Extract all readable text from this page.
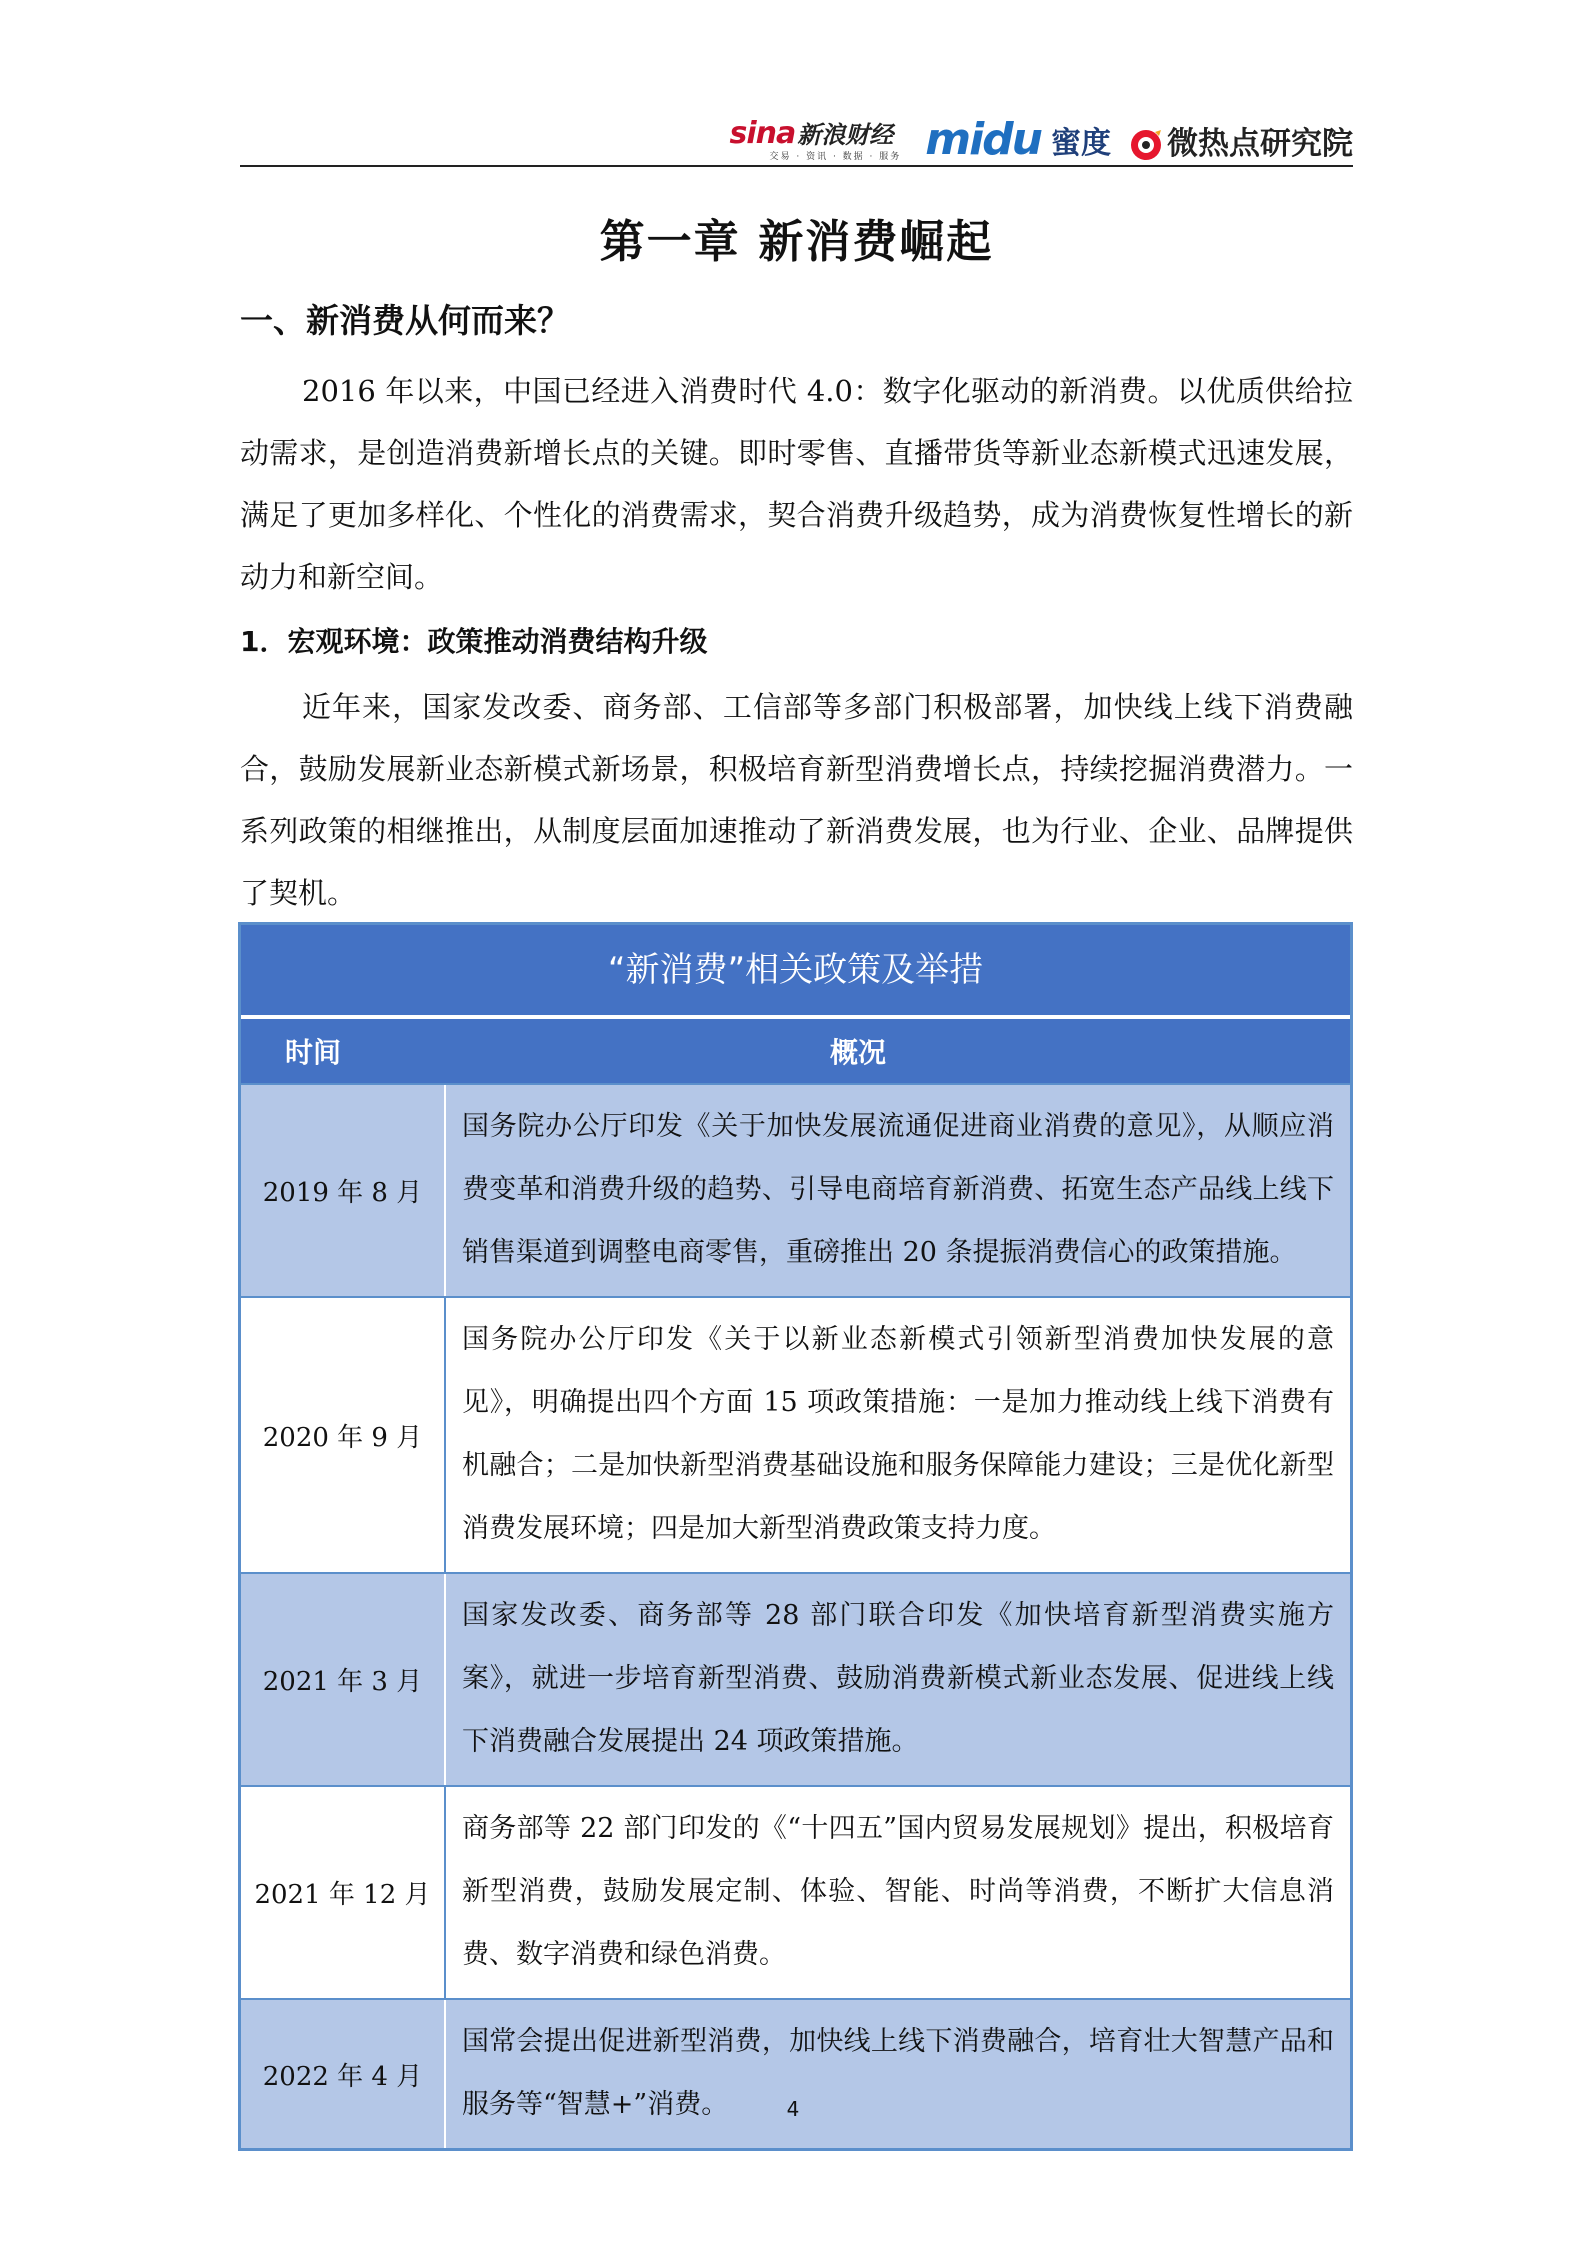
sina 新浪财经
交易 · 资讯 · 数据 · 服务 midu 蜜度 微热点研究院
第一章 新消费崛起
一、新消费从何而来？

2016 年以来，中国已经进入消费时代 4.0：数字化驱动的新消费。以优质供给拉动需求，是创造消费新增长点的关键。即时零售、直播带货等新业态新模式迅速发展，满足了更加多样化、个性化的消费需求，契合消费升级趋势，成为消费恢复性增长的新动力和新空间。

1．宏观环境：政策推动消费结构升级

近年来，国家发改委、商务部、工信部等多部门积极部署，加快线上线下消费融合，鼓励发展新业态新模式新场景，积极培育新型消费增长点，持续挖掘消费潜力。一系列政策的相继推出，从制度层面加速推动了新消费发展，也为行业、企业、品牌提供了契机。

“新消费”相关政策及举措
时间	概况
2019 年 8 月
国务院办公厅印发《关于加快发展流通促进商业消费的意见》，从顺应消费变革和消费升级的趋势、引导电商培育新消费、拓宽生态产品线上线下销售渠道到调整电商零售，重磅推出 20 条提振消费信心的政策措施。
2020 年 9 月
国务院办公厅印发《关于以新业态新模式引领新型消费加快发展的意见》，明确提出四个方面 15 项政策措施：一是加力推动线上线下消费有机融合；二是加快新型消费基础设施和服务保障能力建设；三是优化新型消费发展环境；四是加大新型消费政策支持力度。
2021 年 3 月
国家发改委、商务部等 28 部门联合印发《加快培育新型消费实施方案》，就进一步培育新型消费、鼓励消费新模式新业态发展、促进线上线下消费融合发展提出 24 项政策措施。
2021 年 12 月
商务部等 22 部门印发的《“十四五”国内贸易发展规划》提出，积极培育新型消费，鼓励发展定制、体验、智能、时尚等消费，不断扩大信息消费、数字消费和绿色消费。
2022 年 4 月
国常会提出促进新型消费，加快线上线下消费融合，培育壮大智慧产品和服务等“智慧+”消费。	4
